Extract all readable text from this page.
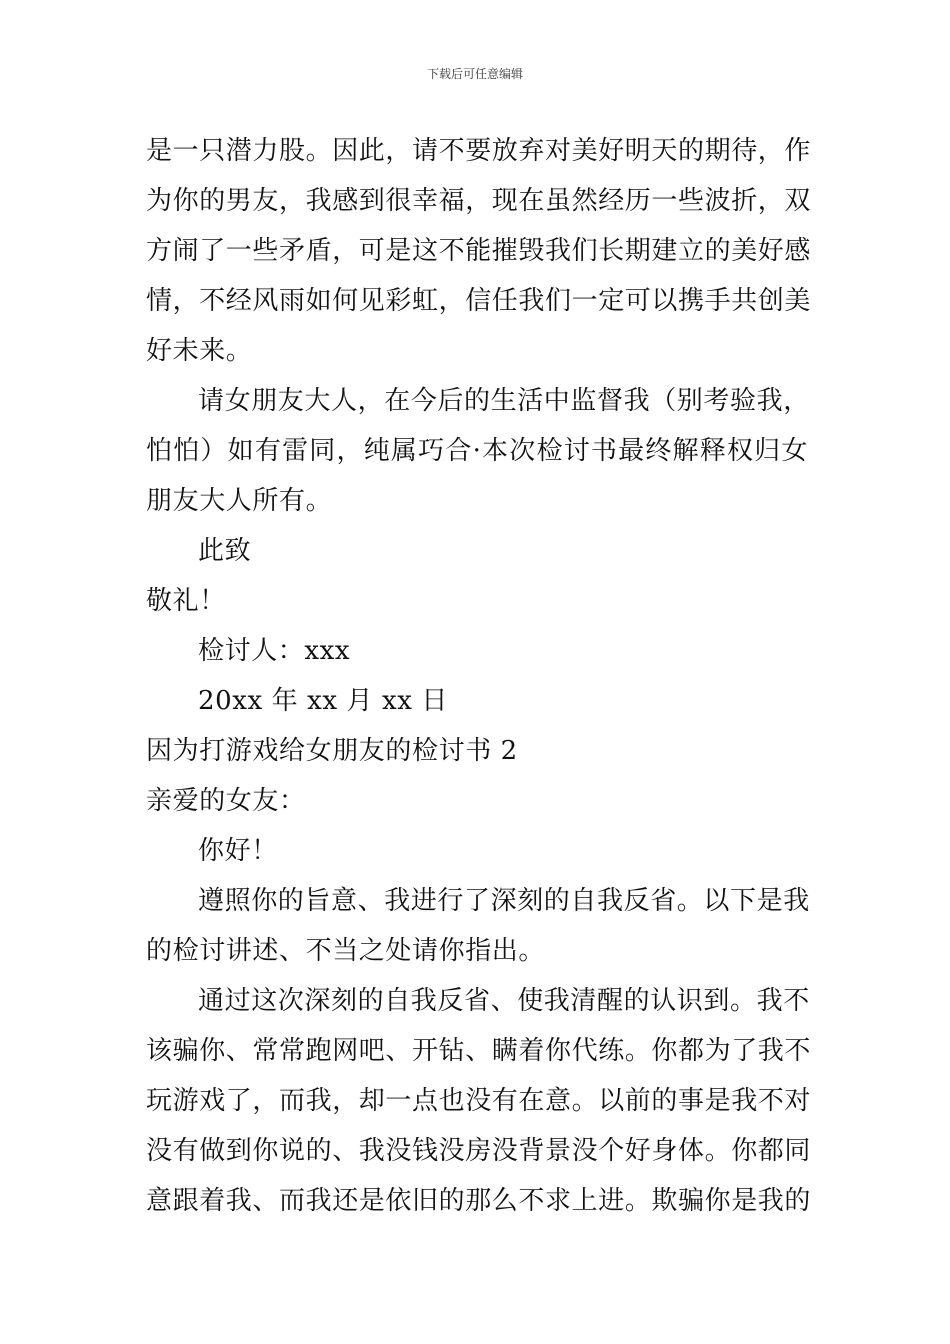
下载后可任意编辑
是一只潜力股。因此，请不要放弃对美好明天的期待，作
为你的男友，我感到很幸福，现在虽然经历一些波折，双
方闹了一些矛盾，可是这不能摧毁我们长期建立的美好感
情，不经风雨如何见彩虹，信任我们一定可以携手共创美
好未来。
请女朋友大人，在今后的生活中监督我（别考验我，
怕怕）如有雷同，纯属巧合·本次检讨书最终解释权归女
朋友大人所有。
此致
敬礼！
检讨人：xxx
20xx 年 xx 月 xx 日
因为打游戏给女朋友的检讨书 2
亲爱的女友：
你好！
遵照你的旨意、我进行了深刻的自我反省。以下是我
的检讨讲述、不当之处请你指出。
通过这次深刻的自我反省、使我清醒的认识到。我不
该骗你、常常跑网吧、开钻、瞒着你代练。你都为了我不
玩游戏了，而我，却一点也没有在意。以前的事是我不对
没有做到你说的、我没钱没房没背景没个好身体。你都同
意跟着我、而我还是依旧的那么不求上进。欺骗你是我的
